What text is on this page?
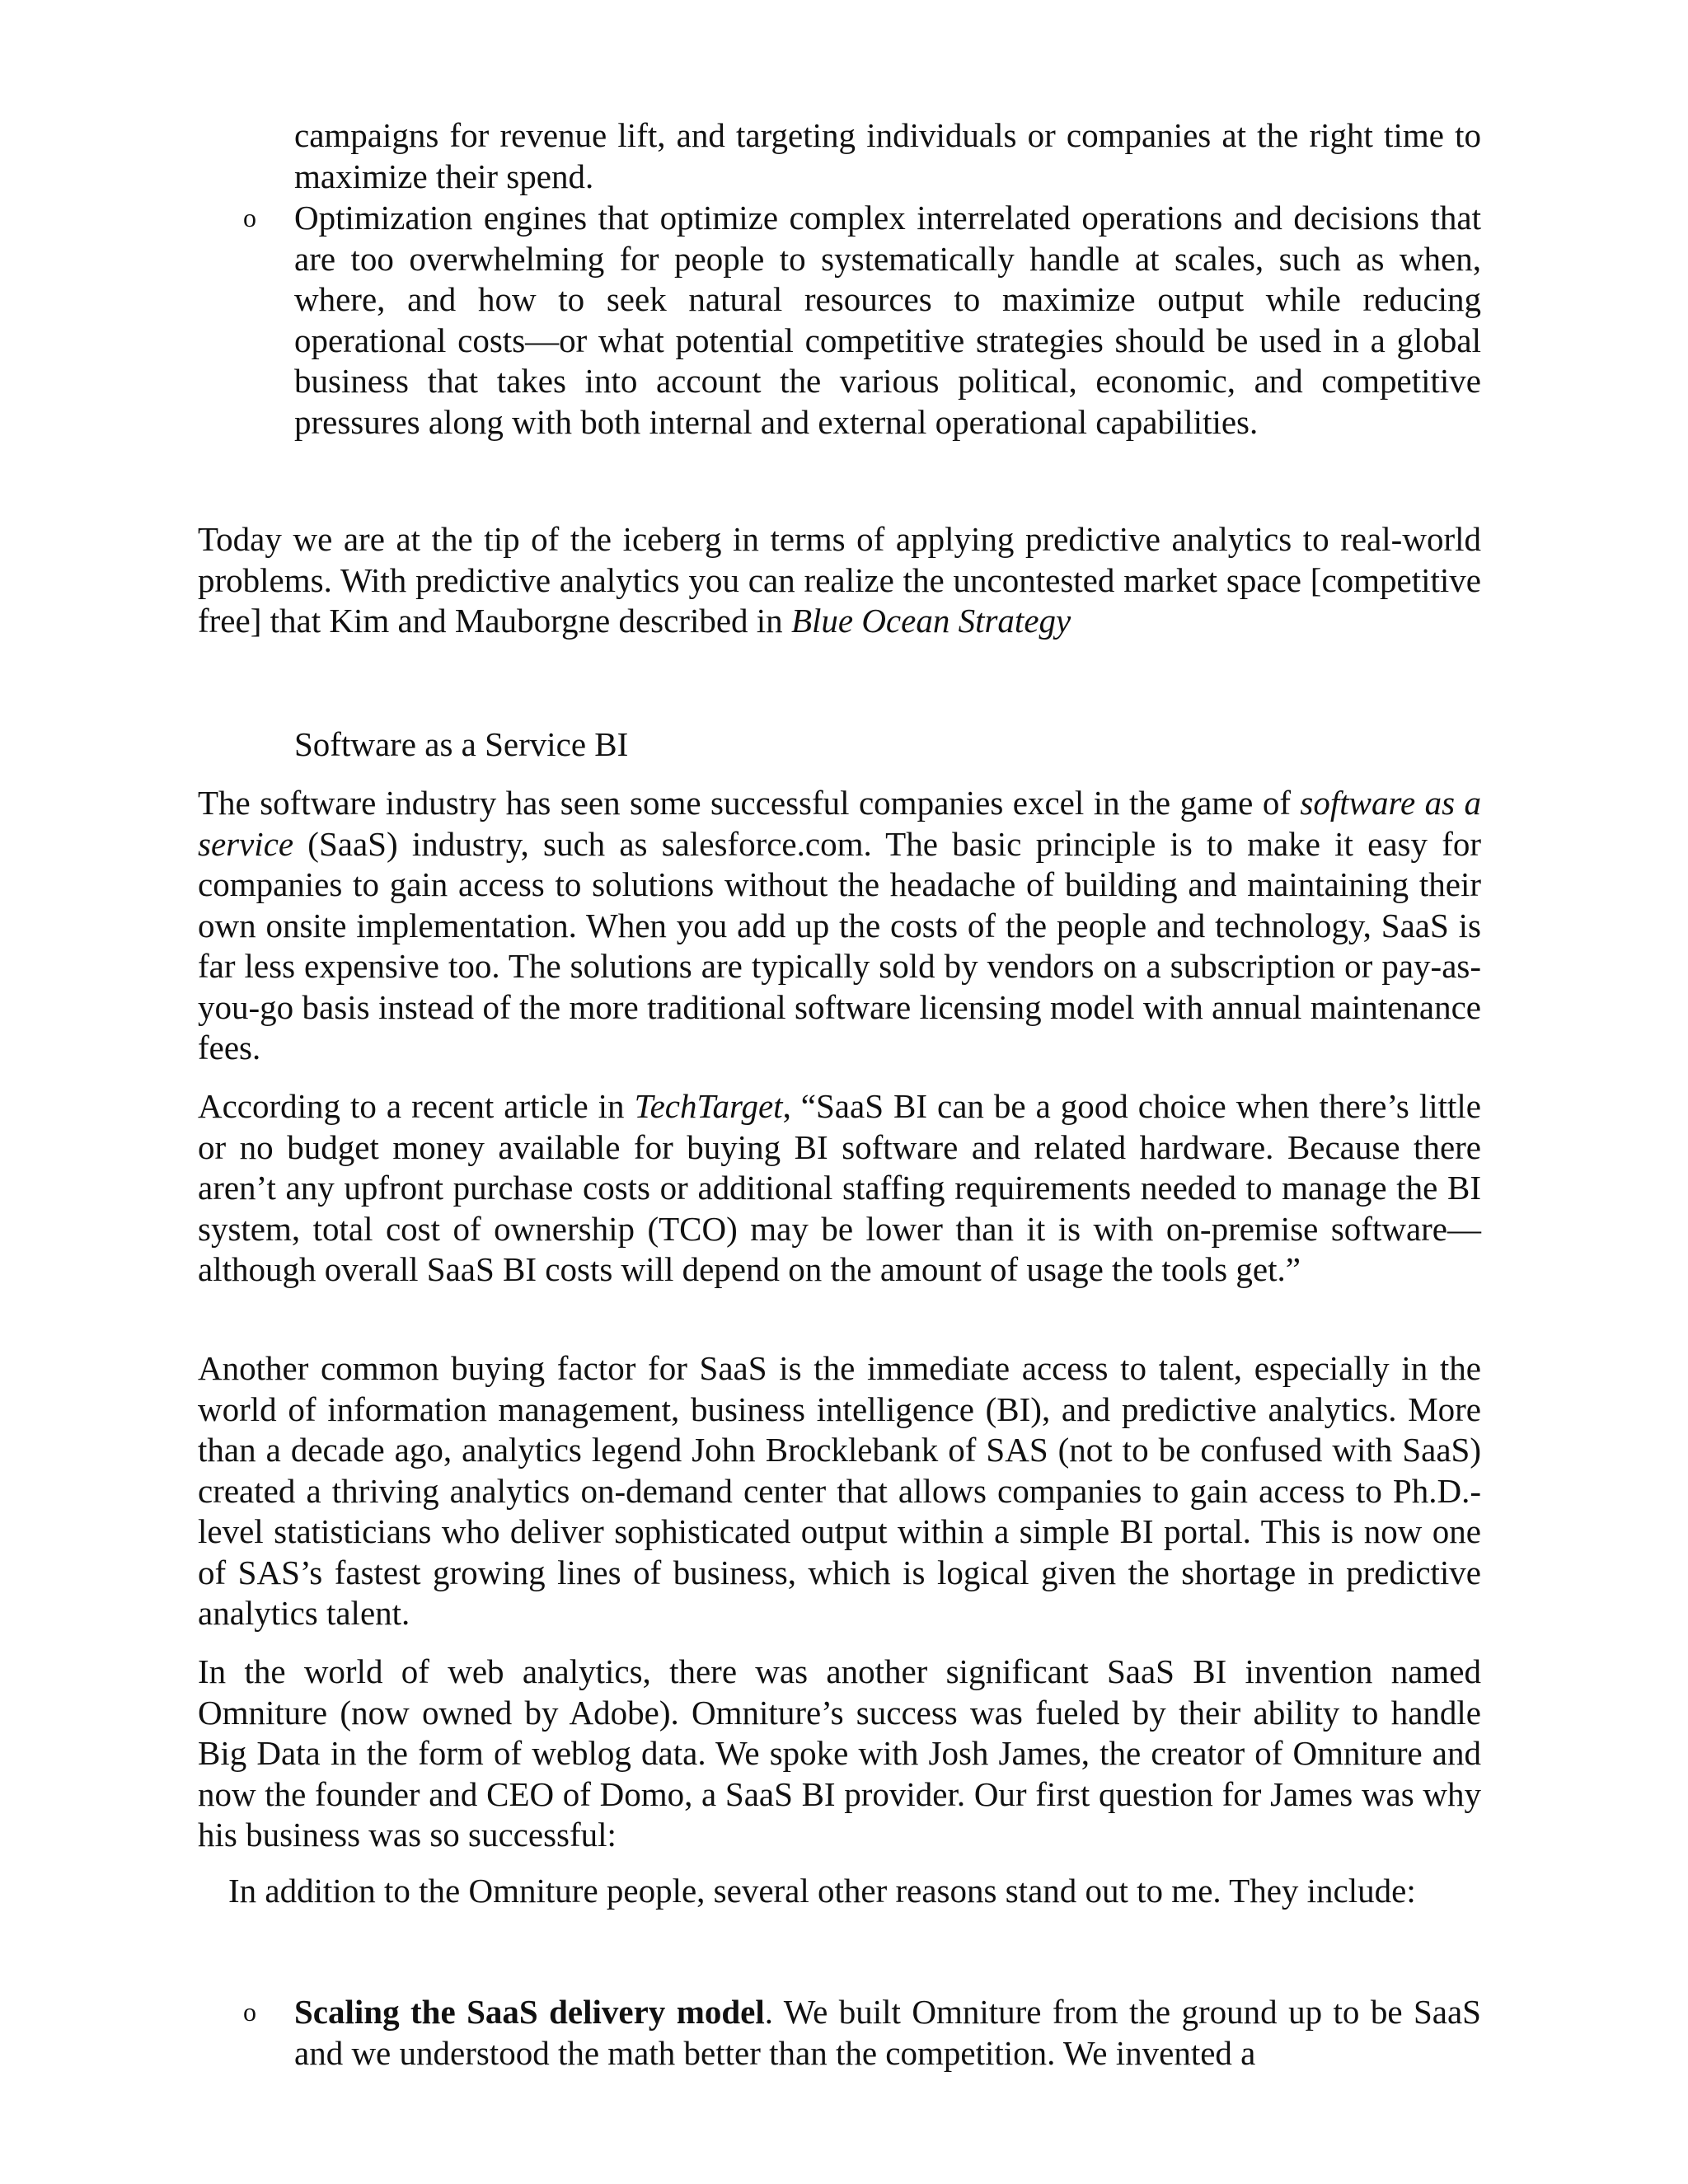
campaigns for revenue lift, and targeting individuals or companies at the right time to maximize their spend.

o Optimization engines that optimize complex interrelated operations and decisions that are too overwhelming for people to systematically handle at scales, such as when, where, and how to seek natural resources to maximize output while reducing operational costs—or what potential competitive strategies should be used in a global business that takes into account the various political, economic, and competitive pressures along with both internal and external operational capabilities.

Today we are at the tip of the iceberg in terms of applying predictive analytics to real-world problems. With predictive analytics you can realize the uncontested market space [competitive free] that Kim and Mauborgne described in Blue Ocean Strategy

Software as a Service BI

The software industry has seen some successful companies excel in the game of software as a service (SaaS) industry, such as salesforce.com. The basic principle is to make it easy for companies to gain access to solutions without the headache of building and maintaining their own onsite implementation. When you add up the costs of the people and technology, SaaS is far less expensive too. The solutions are typically sold by vendors on a subscription or pay-as-you-go basis instead of the more traditional software licensing model with annual maintenance fees.

According to a recent article in TechTarget, “SaaS BI can be a good choice when there’s little or no budget money available for buying BI software and related hardware. Because there aren’t any upfront purchase costs or additional staffing requirements needed to manage the BI system, total cost of ownership (TCO) may be lower than it is with on-premise software—although overall SaaS BI costs will depend on the amount of usage the tools get.”

Another common buying factor for SaaS is the immediate access to talent, especially in the world of information management, business intelligence (BI), and predictive analytics. More than a decade ago, analytics legend John Brocklebank of SAS (not to be confused with SaaS) created a thriving analytics on-demand center that allows companies to gain access to Ph.D.-level statisticians who deliver sophisticated output within a simple BI portal. This is now one of SAS’s fastest growing lines of business, which is logical given the shortage in predictive analytics talent.

In the world of web analytics, there was another significant SaaS BI invention named Omniture (now owned by Adobe). Omniture’s success was fueled by their ability to handle Big Data in the form of weblog data. We spoke with Josh James, the creator of Omniture and now the founder and CEO of Domo, a SaaS BI provider. Our first question for James was why his business was so successful:

In addition to the Omniture people, several other reasons stand out to me. They include:

o Scaling the SaaS delivery model. We built Omniture from the ground up to be SaaS and we understood the math better than the competition. We invented a
